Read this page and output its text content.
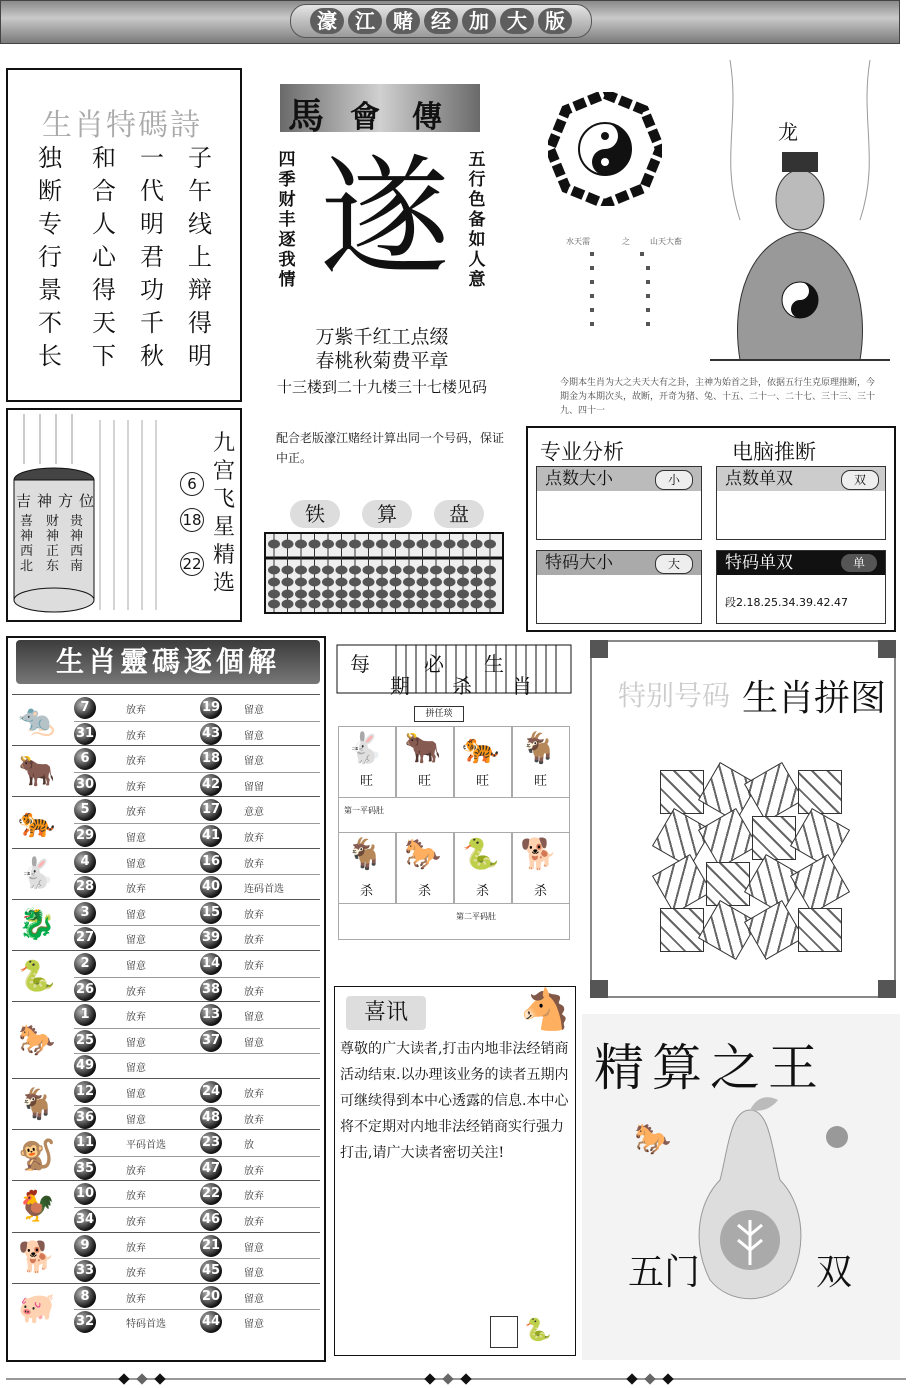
濠 江 赌 经 加 大 版
生肖特碼詩
独
断
专
行
景
不
长
和
合
人
心
得
天
下
一
代
明
君
功
千
秋
子
午
线
上
辩
得
明
馬 會 傳
四季财丰逐我情
五行色备如人意
遂
万紫千红工点缀
春桃秋菊费平章
十三楼到二十九楼三十七楼见码
配合老版濠江赌经计算出同一个号码，保证中正。
铁	算	盘
龙
水天需	之	山天大畜
今期本生肖为大之夫天大有之卦，主神为始首之卦，依据五行生克原理推断，今期金为本期次头，故断，开奇为猪、兔、十五、二十一、二十七、三十三、三十九、四十一
吉神方位
喜神西北
财神正东
贵神西南
6
18
22
九宫飞星精选
专业分析	电脑推断
点数大小	小	点数单双	双
特码大小	大	特码单双	单
段2.18.25.34.39.42.47
生肖靈碼逐個解
🐀	7	放弃	19 留意
31	放弃	43 留意
🐂	6	放弃	18 留意
30	放弃	42 留留
🐅	5	放弃	17 意意
29	留意	41 放弃
🐇	4	留意	16 放弃
28	放弃	40 连码首选
🐉	3	留意	15 放弃
27	留意	39 放弃
🐍	2	留意	14 放弃
26	放弃	38 放弃
🐎
1	放弃	13 留意
25	留意	37 留意
49	留意
🐐 12	留意	24 放弃
36	留意	48 放弃
🐒 11	平码首选	23 放
35	放弃	47 放弃
🐓 10	放弃	22 放弃
34	放弃	46 放弃
🐕	9	放弃	21 留意
33	放弃	45 留意
🐖	8	放弃	20 留意
32	特码首选	44 留意
每
期
必
杀
生
肖
拼任琰
🐇 🐂 🐅 🐐
旺	旺	旺	旺
第一平码肚
🐐 🐎 🐍 🐕
杀	杀	杀	杀
第二平码肚
特别号码 生肖拼图
喜讯	🐴
尊敬的广大读者,打击内地非法经销商活动结束.以办理该业务的读者五期内可继续得到本中心透露的信息.本中心将不定期对内地非法经销商实行强力打击,请广大读者密切关注!
🐍
精算之王
🐎
五门	双
